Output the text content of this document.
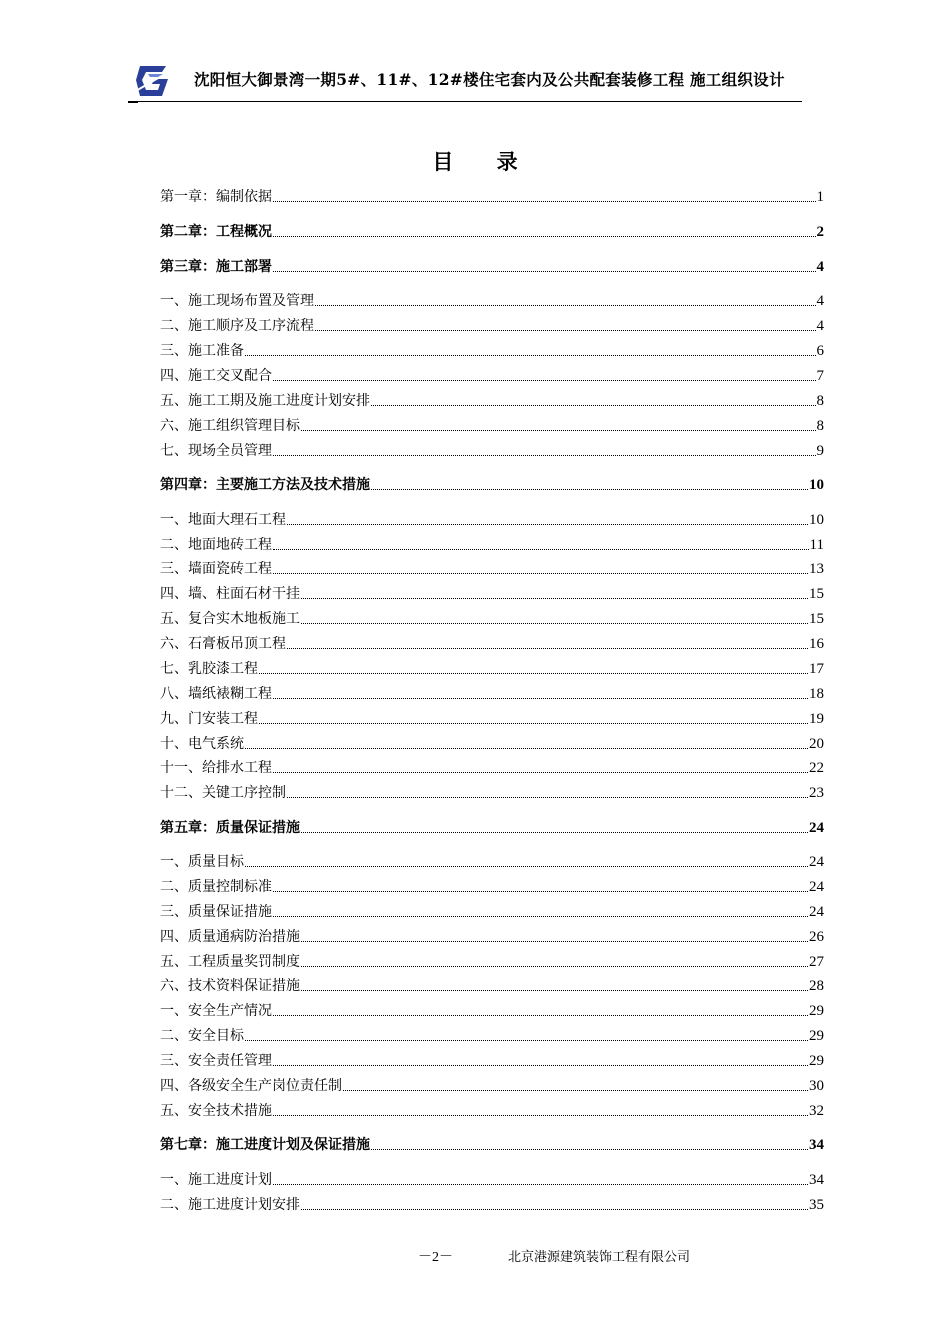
沈阳恒大御景湾一期5#、11#、12#楼住宅套内及公共配套装修工程 施工组织设计
目 录
第一章：编制依据	1
第二章：工程概况	2
第三章：施工部署	4
一、施工现场布置及管理	4
二、施工顺序及工序流程	4
三、施工准备	6
四、施工交叉配合	7
五、施工工期及施工进度计划安排	8
六、施工组织管理目标	8
七、现场全员管理	9
第四章：主要施工方法及技术措施	10
一、地面大理石工程	10
二、地面地砖工程	11
三、墙面瓷砖工程	13
四、墙、柱面石材干挂	15
五、复合实木地板施工	15
六、石膏板吊顶工程	16
七、乳胶漆工程	17
八、墙纸裱糊工程	18
九、门安装工程	19
十、电气系统	20
十一、给排水工程	22
十二、关键工序控制	23
第五章：质量保证措施	24
一、质量目标	24
二、质量控制标准	24
三、质量保证措施	24
四、质量通病防治措施	26
五、工程质量奖罚制度	27
六、技术资料保证措施	28
一、安全生产情况	29
二、安全目标	29
三、安全责任管理	29
四、各级安全生产岗位责任制	30
五、安全技术措施	32
第七章：施工进度计划及保证措施	34
一、施工进度计划	34
二、施工进度计划安排	35
－2－	北京港源建筑装饰工程有限公司
